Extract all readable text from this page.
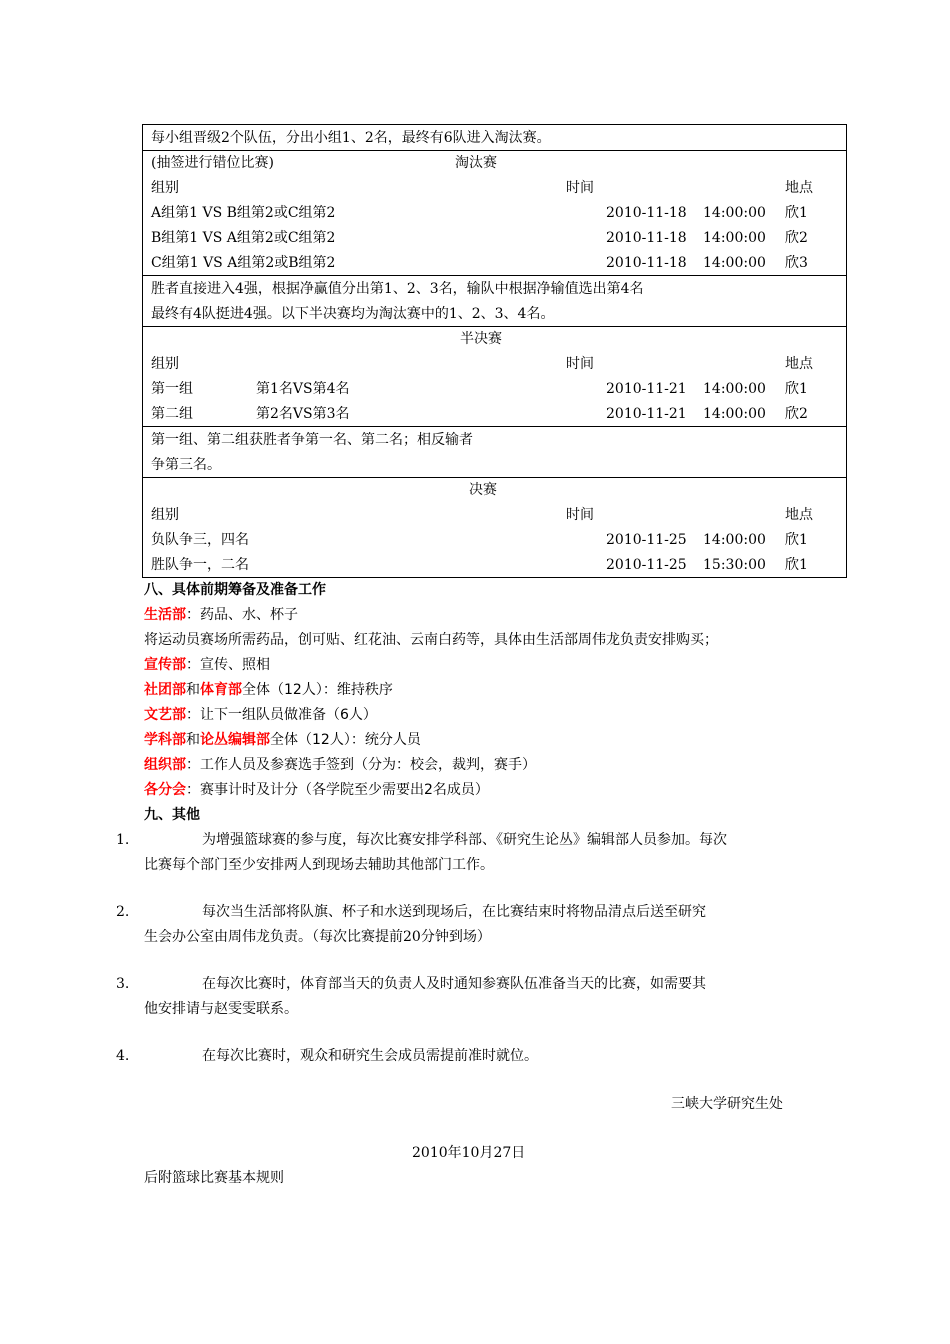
每小组晋级2个队伍，分出小组1、2名，最终有6队进入淘汰赛。
(抽签进行错位比赛)	淘汰赛
组别	时间	地点
A组第1 VS B组第2或C组第2	2010-11-18 14:00:00 欣1
B组第1 VS A组第2或C组第2	2010-11-18 14:00:00 欣2
C组第1 VS A组第2或B组第2	2010-11-18 14:00:00 欣3
胜者直接进入4强，根据净赢值分出第1、2、3名，输队中根据净输值选出第4名
最终有4队挺进4强。以下半决赛均为淘汰赛中的1、2、3、4名。
半决赛
组别	时间	地点
第一组	第1名VS第4名	2010-11-21 14:00:00 欣1
第二组	第2名VS第3名	2010-11-21 14:00:00 欣2
第一组、第二组获胜者争第一名、第二名；相反输者
争第三名。
决赛
组别	时间	地点
负队争三，四名	2010-11-25 14:00:00 欣1
胜队争一，二名	2010-11-25 15:30:00 欣1
八、具体前期筹备及准备工作
生活部：药品、水、杯子
将运动员赛场所需药品，创可贴、红花油、云南白药等，具体由生活部周伟龙负责安排购买；
宣传部：宣传、照相
社团部和体育部全体（12人）：维持秩序
文艺部：让下一组队员做准备（6人）
学科部和论丛编辑部全体（12人）：统分人员
组织部：工作人员及参赛选手签到（分为：校会，裁判，赛手）
各分会：赛事计时及计分（各学院至少需要出2名成员）
九、其他
1.	为增强篮球赛的参与度，每次比赛安排学科部、《研究生论丛》编辑部人员参加。每次
比赛每个部门至少安排两人到现场去辅助其他部门工作。
2.	每次当生活部将队旗、杯子和水送到现场后，在比赛结束时将物品清点后送至研究
生会办公室由周伟龙负责。（每次比赛提前20分钟到场）
3.	在每次比赛时，体育部当天的负责人及时通知参赛队伍准备当天的比赛，如需要其
他安排请与赵雯雯联系。
4.	在每次比赛时，观众和研究生会成员需提前准时就位。
三峡大学研究生处
2010年10月27日
后附篮球比赛基本规则
